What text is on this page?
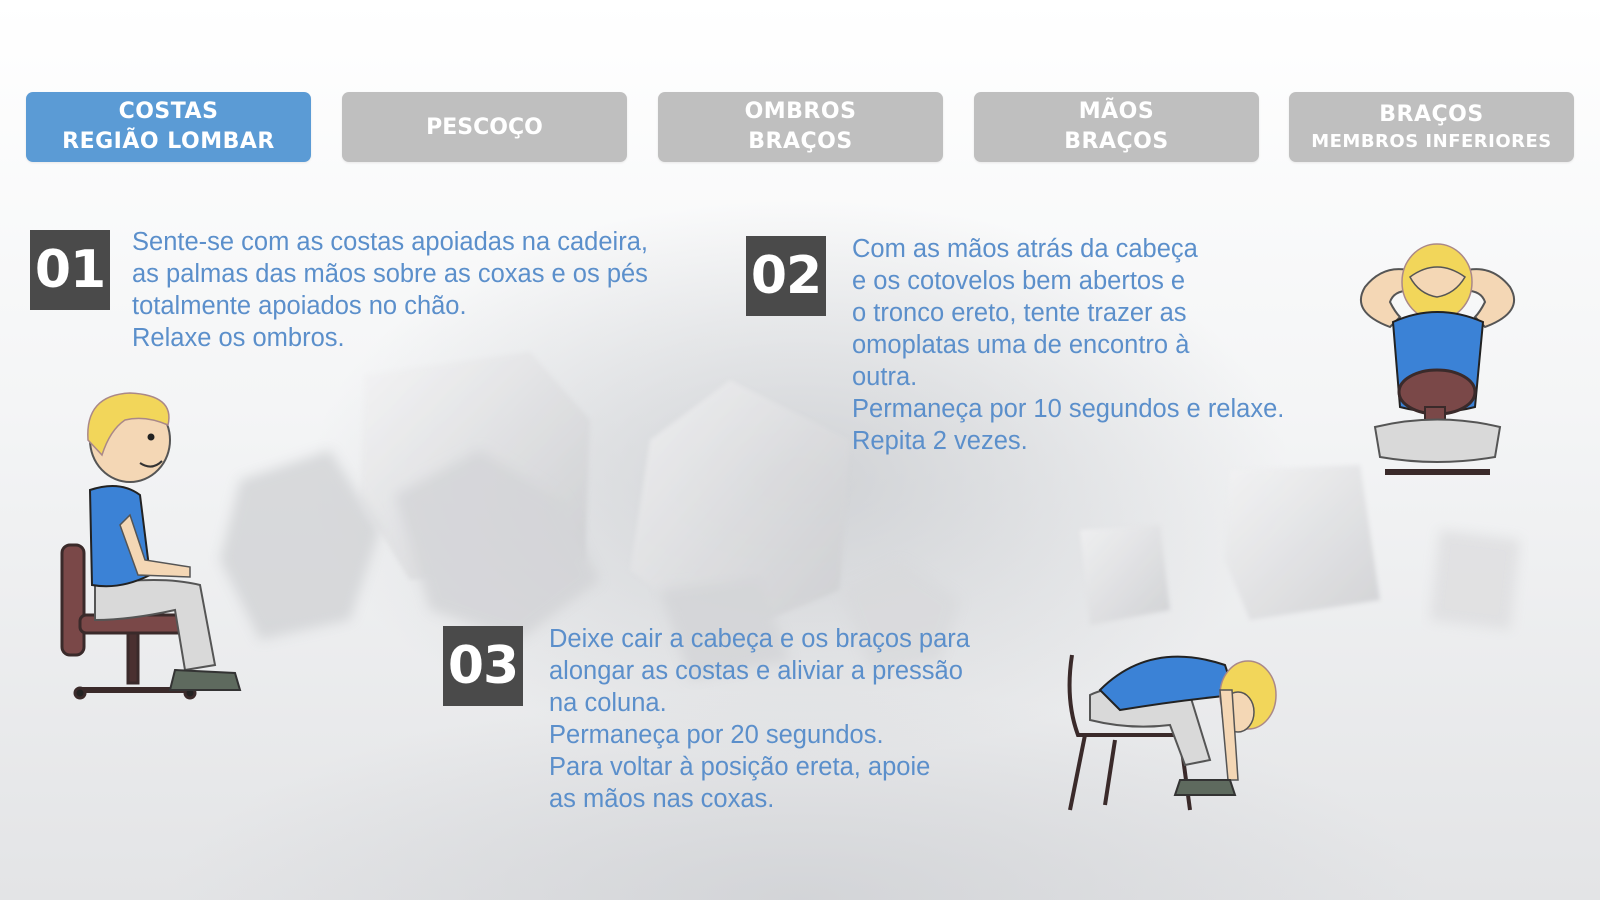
COSTAS
REGIÃO LOMBAR
PESCOÇO
OMBROS
BRAÇOS
MÃOS
BRAÇOS
BRAÇOS
MEMBROS INFERIORES
01 Sente-se com as costas apoiadas na cadeira,
as palmas das mãos sobre as coxas e os pés
totalmente apoiados no chão.
Relaxe os ombros.
02 Com as mãos atrás da cabeça
e os cotovelos bem abertos e
o tronco ereto, tente trazer as
omoplatas uma de encontro à
outra.
Permaneça por 10 segundos e relaxe.
Repita 2 vezes.
03 Deixe cair a cabeça e os braços para
alongar as costas e aliviar a pressão
na coluna.
Permaneça por 20 segundos.
Para voltar à posição ereta, apoie
as mãos nas coxas.
